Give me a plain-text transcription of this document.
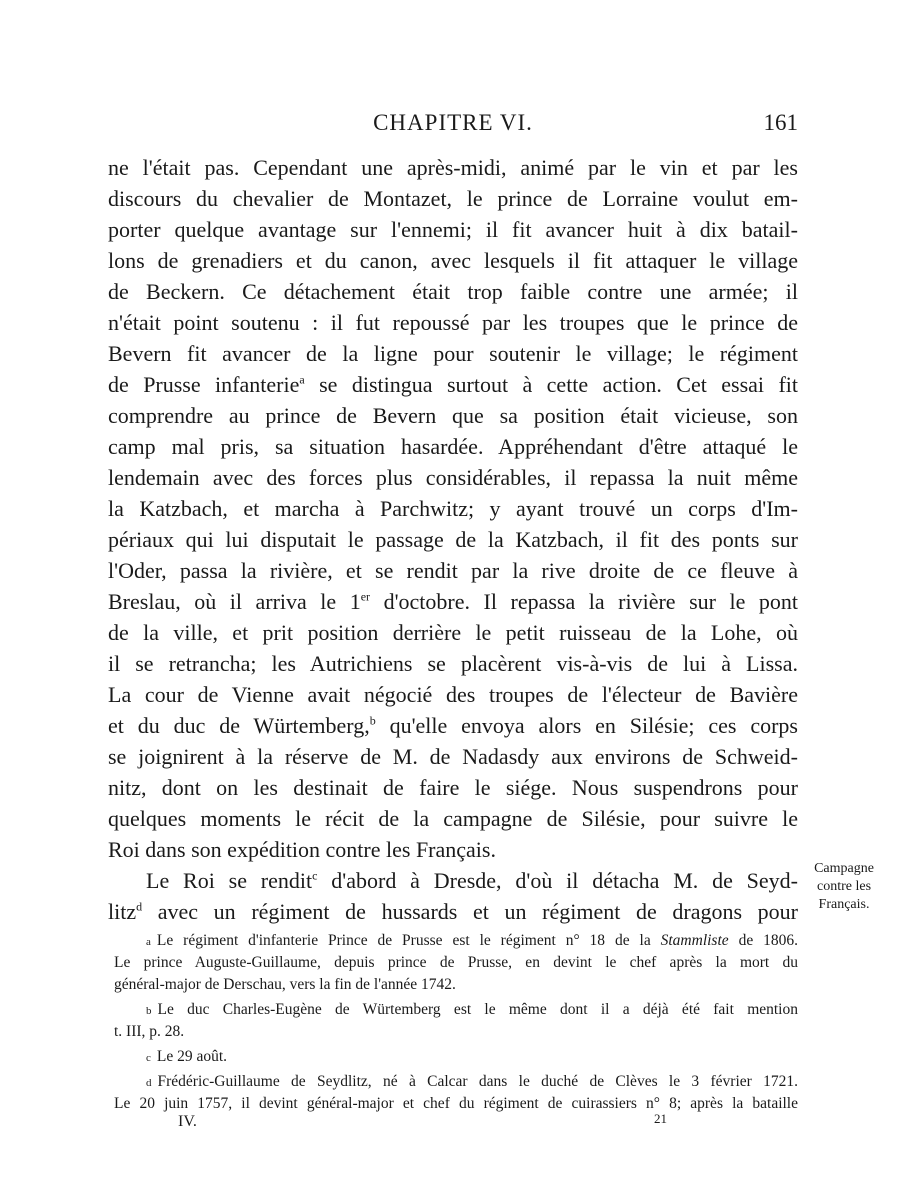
CHAPITRE VI.	161
ne l'était pas. Cependant une après-midi, animé par le vin et par les
discours du chevalier de Montazet, le prince de Lorraine voulut em-
porter quelque avantage sur l'ennemi; il fit avancer huit à dix batail-
lons de grenadiers et du canon, avec lesquels il fit attaquer le village
de Beckern. Ce détachement était trop faible contre une armée; il
n'était point soutenu : il fut repoussé par les troupes que le prince de
Bevern fit avancer de la ligne pour soutenir le village; le régiment
de Prusse infanterie$^a$ se distingua surtout à cette action. Cet essai fit
comprendre au prince de Bevern que sa position était vicieuse, son
camp mal pris, sa situation hasardée. Appréhendant d'être attaqué le
lendemain avec des forces plus considérables, il repassa la nuit même
la Katzbach, et marcha à Parchwitz; y ayant trouvé un corps d'Im-
périaux qui lui disputait le passage de la Katzbach, il fit des ponts sur
l'Oder, passa la rivière, et se rendit par la rive droite de ce fleuve à
Breslau, où il arriva le 1er d'octobre. Il repassa la rivière sur le pont
de la ville, et prit position derrière le petit ruisseau de la Lohe, où
il se retrancha; les Autrichiens se placèrent vis-à-vis de lui à Lissa.
La cour de Vienne avait négocié des troupes de l'électeur de Bavière
et du duc de Würtemberg,$^b$ qu'elle envoya alors en Silésie; ces corps
se joignirent à la réserve de M. de Nadasdy aux environs de Schweid-
nitz, dont on les destinait de faire le siége. Nous suspendrons pour
quelques moments le récit de la campagne de Silésie, pour suivre le
Roi dans son expédition contre les Français.
Le Roi se rendit$^c$ d'abord à Dresde, d'où il détacha M. de Seyd-
litz$^d$ avec un régiment de hussards et un régiment de dragons pour
Campagne
contre les
Français.
a Le régiment d'infanterie Prince de Prusse est le régiment n° 18 de la Stammliste de 1806.
Le prince Auguste-Guillaume, depuis prince de Prusse, en devint le chef après la mort du
général-major de Derschau, vers la fin de l'année 1742.
b Le duc Charles-Eugène de Würtemberg est le même dont il a déjà été fait mention
t. III, p. 28.
c Le 29 août.
d Frédéric-Guillaume de Seydlitz, né à Calcar dans le duché de Clèves le 3 février 1721.
Le 20 juin 1757, il devint général-major et chef du régiment de cuirassiers n° 8; après la bataille
IV.	21
